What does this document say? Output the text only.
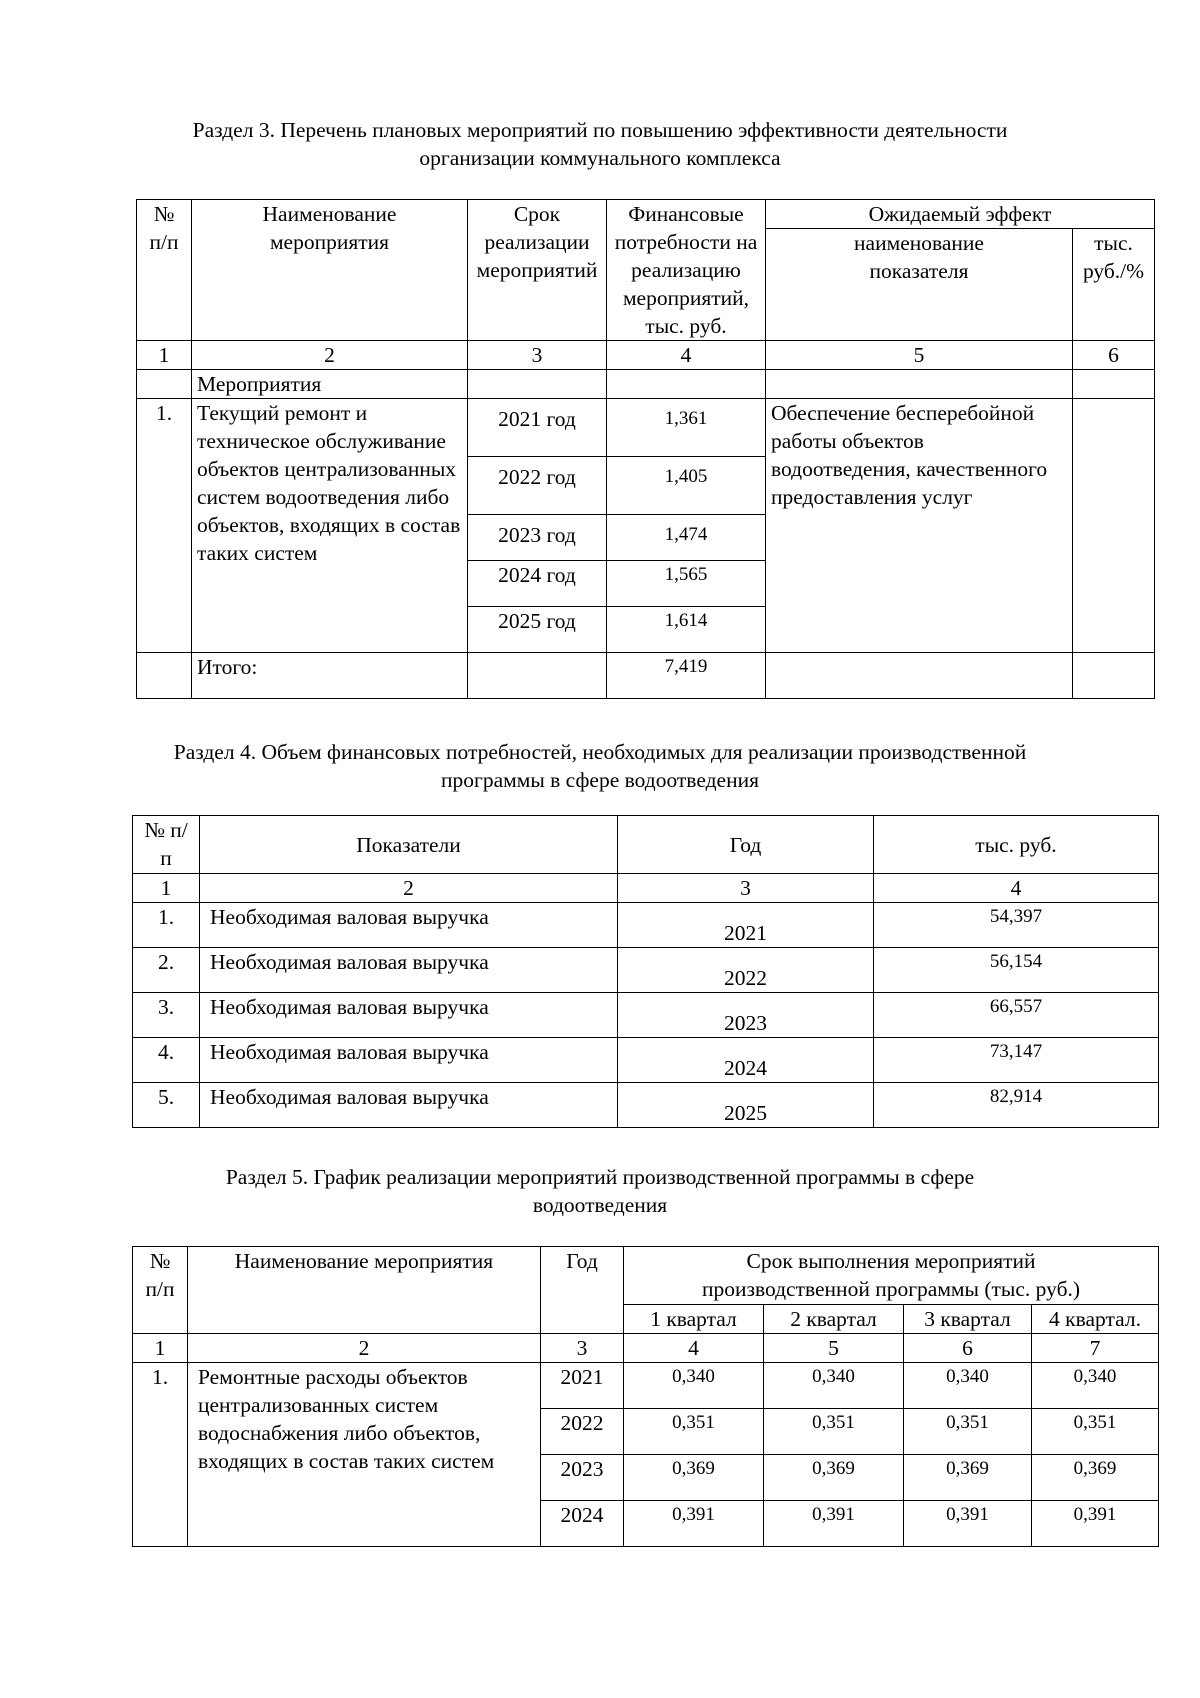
Раздел 3. Перечень плановых мероприятий по повышению эффективности деятельности
организации коммунального комплекса
№ п/п	Наименование мероприятия	Срок реализации мероприятий	Финансовые потребности на реализацию мероприятий, тыс. руб.	Ожидаемый эффект	
				наименование показателя	тыс. руб./%
1	2	3	4	5	6
	Мероприятия				
1.	Текущий ремонт и техническое обслуживание объектов централизованных систем водоотведения либо объектов, входящих в состав таких систем	2021 год	1,361	Обеспечение бесперебойной работы объектов водоотведения, качественного предоставления услуг	
		2022 год	1,405		
		2023 год	1,474		
		2024 год	1,565		
		2025 год	1,614		
	Итого:		7,419		
Раздел 4. Объем финансовых потребностей, необходимых для реализации производственной
программы в сфере водоотведения
№ п/п	Показатели	Год	тыс. руб.
1	2	3	4
1.	Необходимая валовая выручка	2021	54,397
2.	Необходимая валовая выручка	2022	56,154
3.	Необходимая валовая выручка	2023	66,557
4.	Необходимая валовая выручка	2024	73,147
5.	Необходимая валовая выручка	2025	82,914
Раздел 5. График реализации мероприятий производственной программы в сфере
водоотведения
№ п/п	Наименование мероприятия	Год	Срок выполнения мероприятий производственной программы (тыс. руб.)			
			1 квартал	2 квартал	3 квартал	4 квартал.
1	2	3	4	5	6	7
1.	Ремонтные расходы объектов централизованных систем водоснабжения либо объектов, входящих в состав таких систем	2021	0,340	0,340	0,340	0,340
		2022	0,351	0,351	0,351	0,351
		2023	0,369	0,369	0,369	0,369
		2024	0,391	0,391	0,391	0,391
